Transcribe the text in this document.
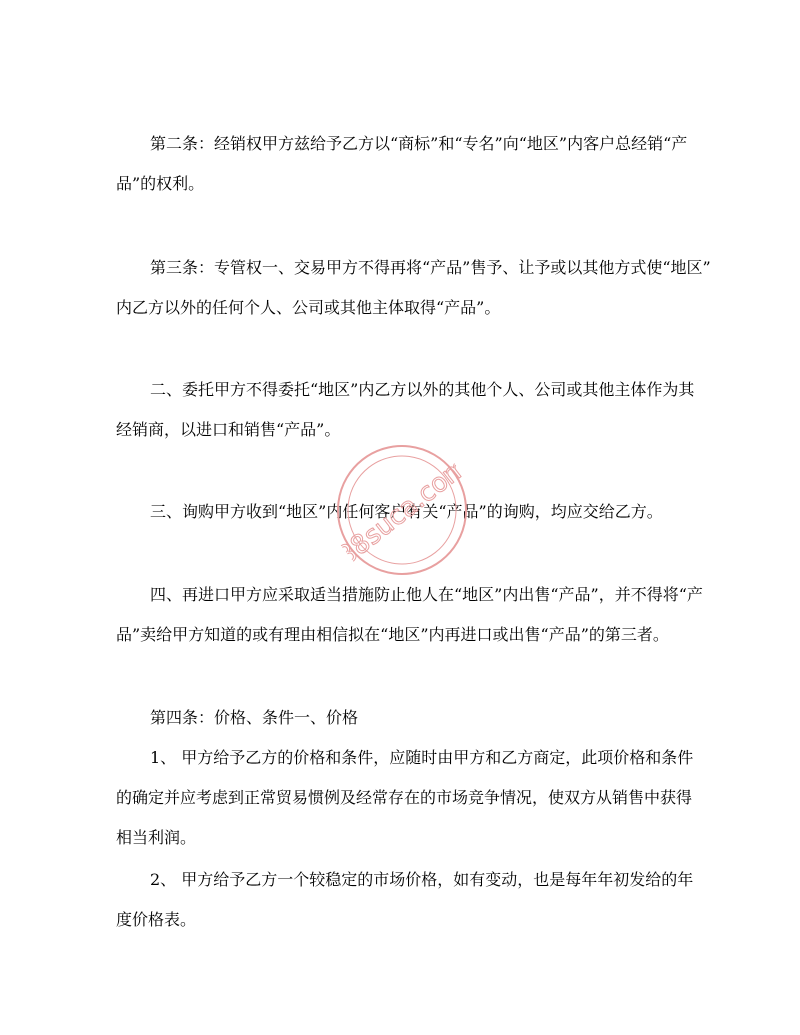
第二条：经销权甲方兹给予乙方以“商标”和“专名”向“地区”内客户总经销“产
品”的权利。

第三条：专管权一、交易甲方不得再将“产品”售予、让予或以其他方式使“地区”
内乙方以外的任何个人、公司或其他主体取得“产品”。

二、委托甲方不得委托“地区”内乙方以外的其他个人、公司或其他主体作为其
经销商，以进口和销售“产品”。

三、询购甲方收到“地区”内任何客户有关“产品”的询购，均应交给乙方。

四、再进口甲方应采取适当措施防止他人在“地区”内出售“产品”，并不得将“产
品”卖给甲方知道的或有理由相信拟在“地区”内再进口或出售“产品”的第三者。

第四条：价格、条件一、价格

1、 甲方给予乙方的价格和条件，应随时由甲方和乙方商定，此项价格和条件
的确定并应考虑到正常贸易惯例及经常存在的市场竞争情况，使双方从销售中获得
相当利润。

2、 甲方给予乙方一个较稳定的市场价格，如有变动，也是每年年初发给的年
度价格表。

88suca.com
